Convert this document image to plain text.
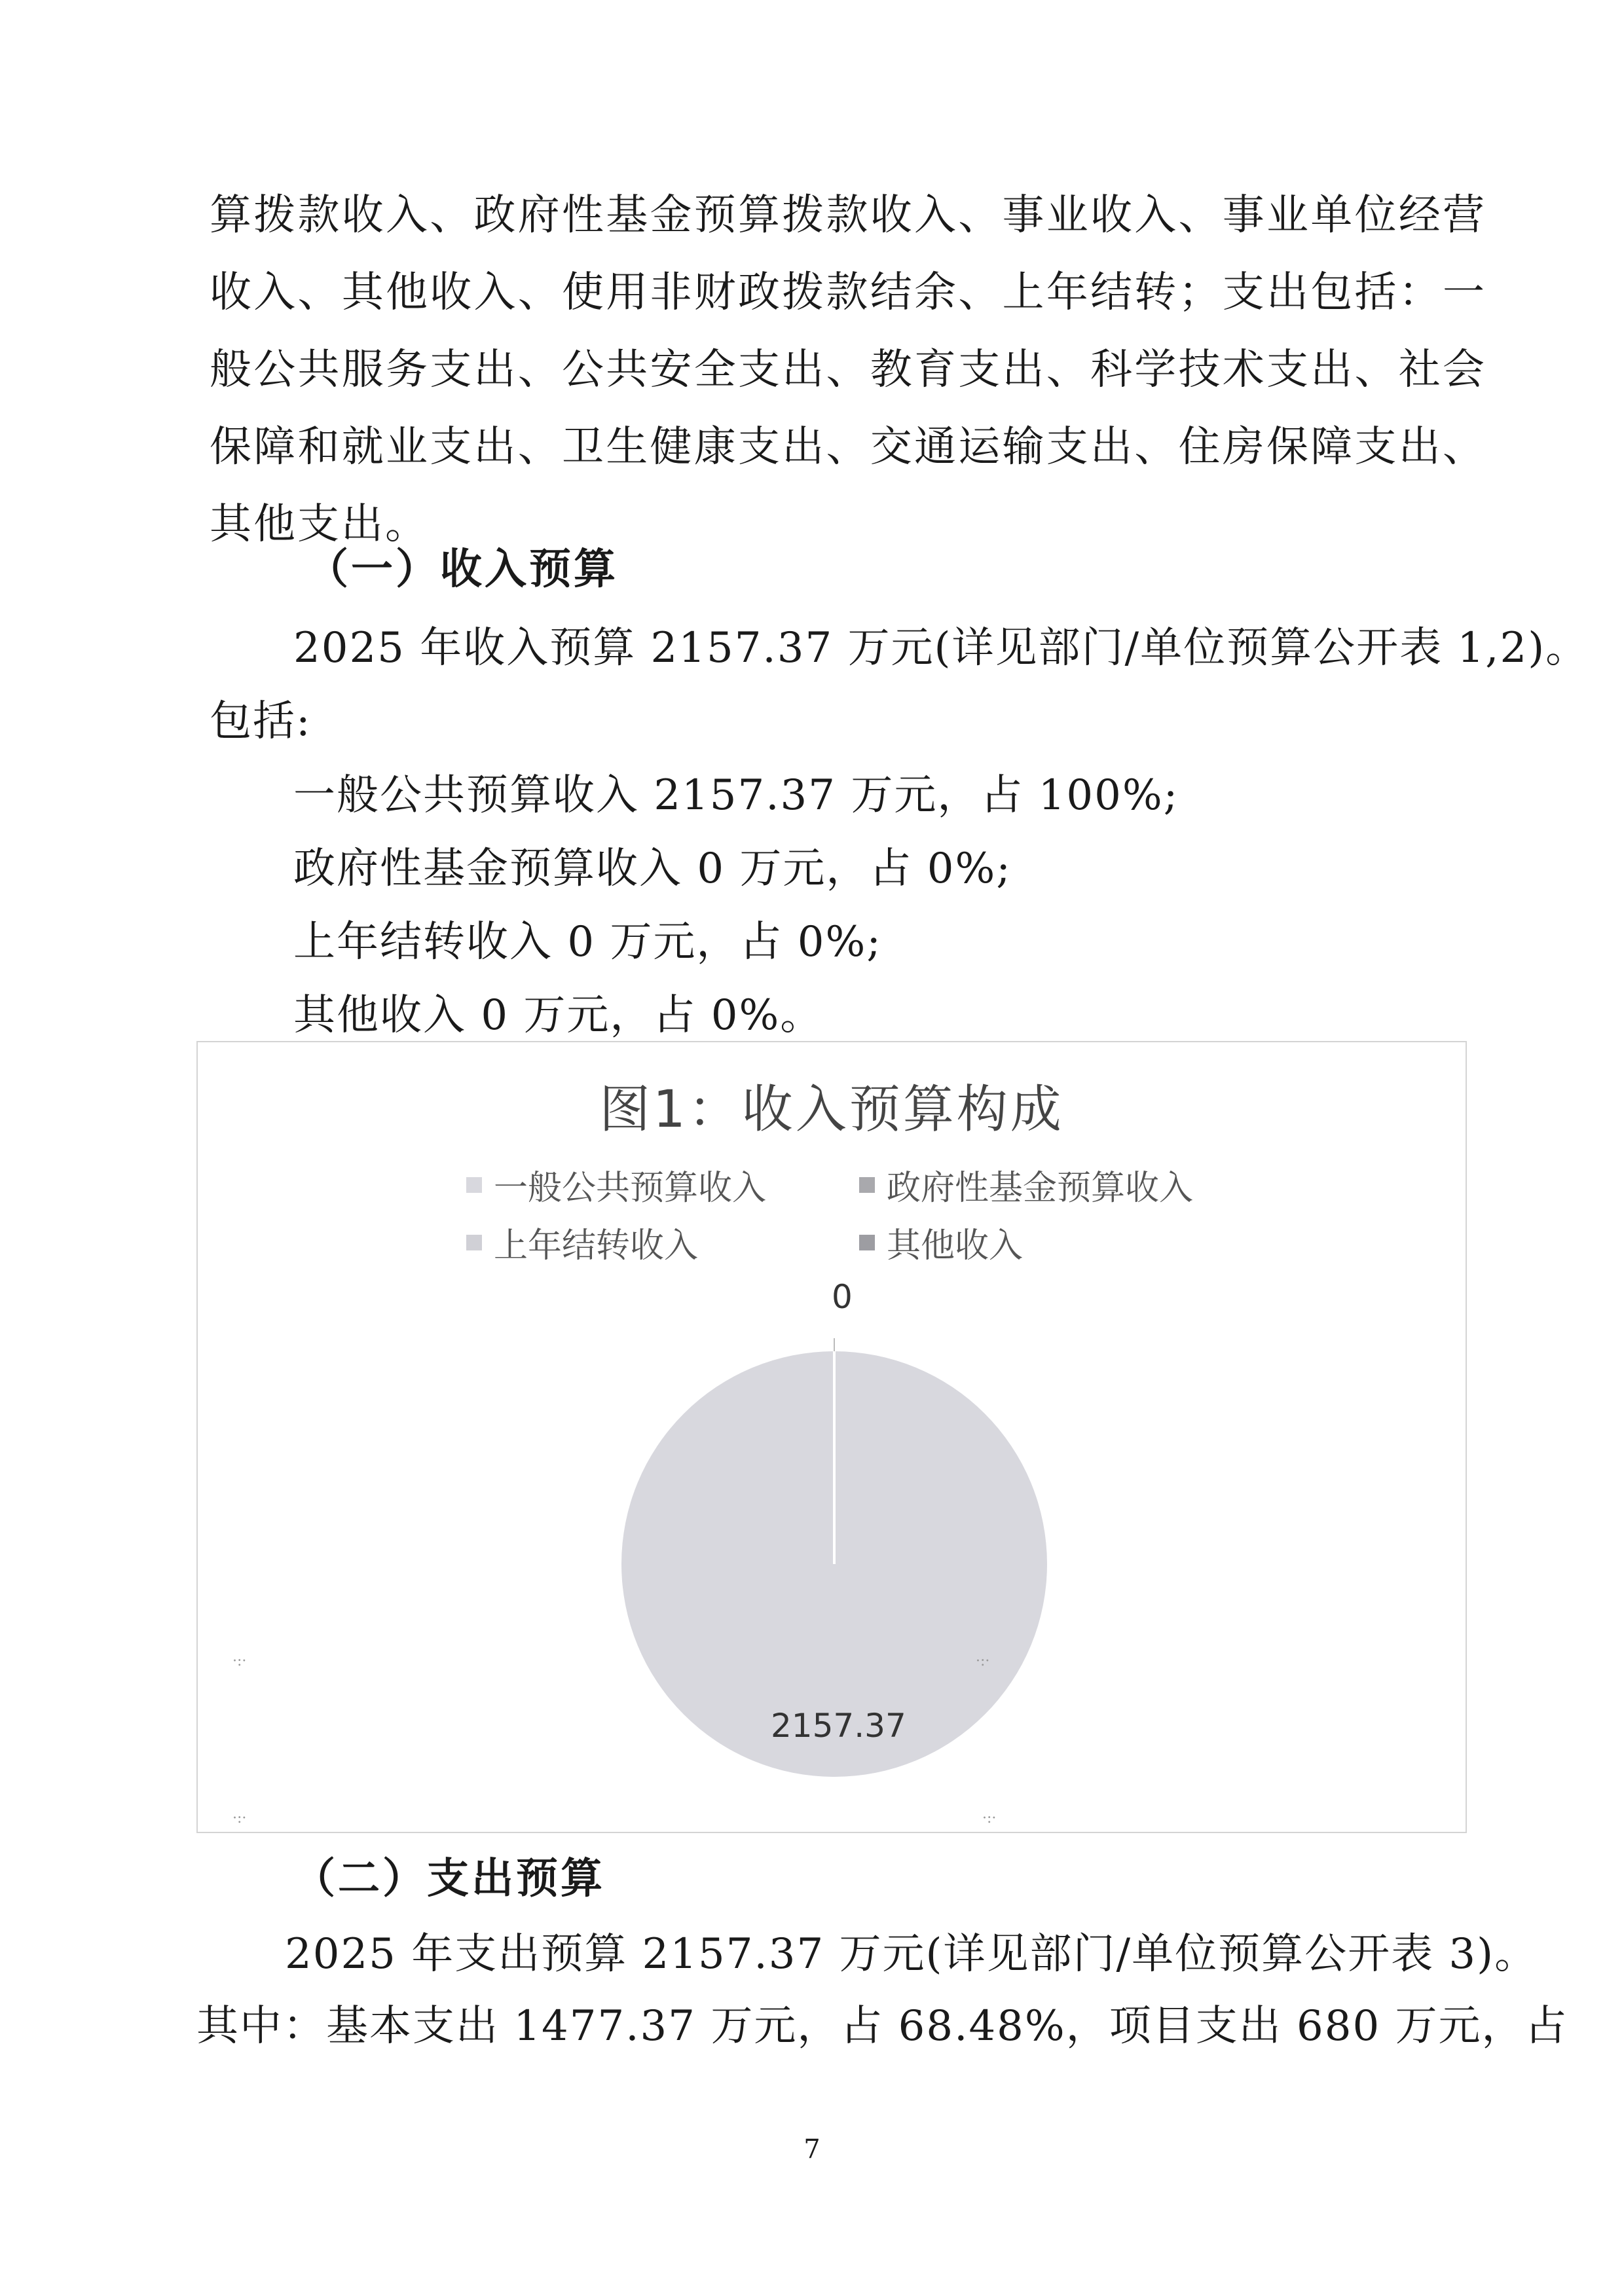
算拨款收入、政府性基金预算拨款收入、事业收入、事业单位经营收入、其他收入、使用非财政拨款结余、上年结转；支出包括：一般公共服务支出、公共安全支出、教育支出、科学技术支出、社会保障和就业支出、卫生健康支出、交通运输支出、住房保障支出、其他支出。
（一）收入预算
2025 年收入预算 2157.37 万元(详见部门/单位预算公开表 1,2)。
包括:
一般公共预算收入 2157.37 万元，占 100%;
政府性基金预算收入 0 万元，占 0%;
上年结转收入 0 万元，占 0%;
其他收入 0 万元，占 0%。
图1：收入预算构成
一般公共预算收入	政府性基金预算收入
上年结转收入	其他收入
0
2157.37
（二）支出预算
2025 年支出预算 2157.37 万元(详见部门/单位预算公开表 3)。
其中：基本支出 1477.37 万元，占 68.48%，项目支出 680 万元，占
7
·:·	·:·
·:·	·:·
